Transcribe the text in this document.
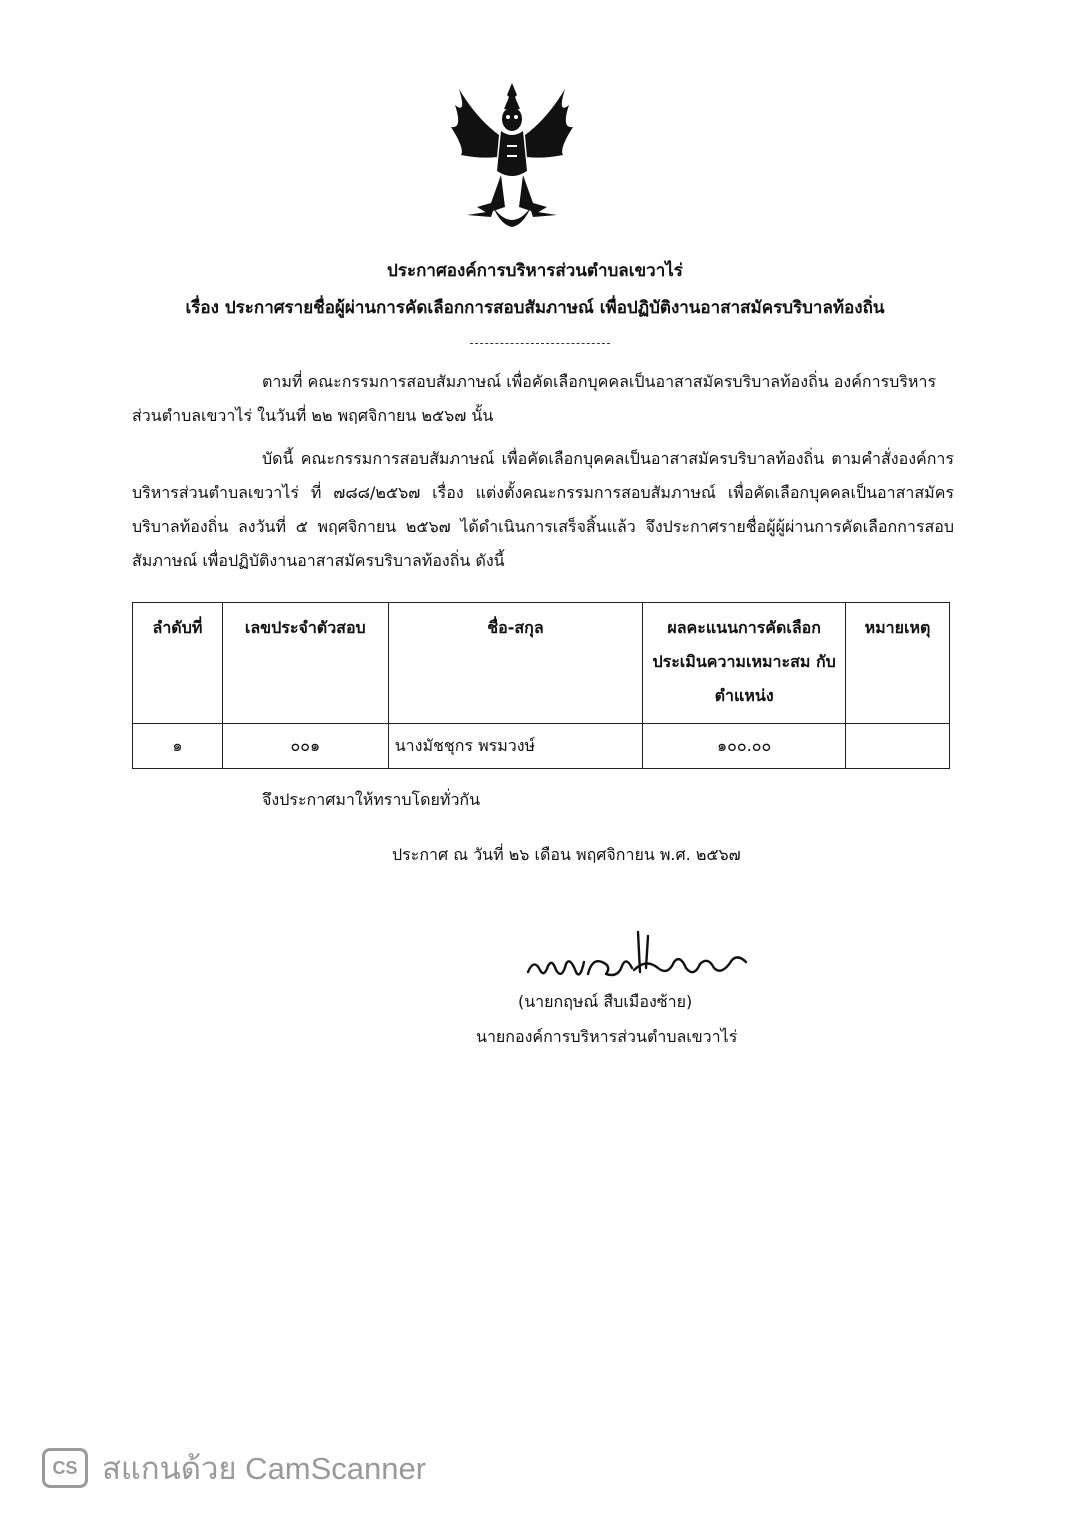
ประกาศองค์การบริหารส่วนตำบลเขวาไร่
เรื่อง ประกาศรายชื่อผู้ผ่านการคัดเลือกการสอบสัมภาษณ์ เพื่อปฏิบัติงานอาสาสมัครบริบาลท้องถิ่น
ตามที่ คณะกรรมการสอบสัมภาษณ์ เพื่อคัดเลือกบุคคลเป็นอาสาสมัครบริบาลท้องถิ่น องค์การบริหารส่วนตำบลเขวาไร่ ในวันที่ ๒๒ พฤศจิกายน ๒๕๖๗ นั้น
บัดนี้ คณะกรรมการสอบสัมภาษณ์ เพื่อคัดเลือกบุคคลเป็นอาสาสมัครบริบาลท้องถิ่น ตามคำสั่งองค์การบริหารส่วนตำบลเขวาไร่ ที่ ๗๘๘/๒๕๖๗ เรื่อง แต่งตั้งคณะกรรมการสอบสัมภาษณ์ เพื่อคัดเลือกบุคคลเป็นอาสาสมัครบริบาลท้องถิ่น ลงวันที่ ๕ พฤศจิกายน ๒๕๖๗ ได้ดำเนินการเสร็จสิ้นแล้ว จึงประกาศรายชื่อผู้ผู้ผ่านการคัดเลือกการสอบสัมภาษณ์ เพื่อปฏิบัติงานอาสาสมัครบริบาลท้องถิ่น ดังนี้
ลำดับที่	เลขประจำตัวสอบ	ชื่อ-สกุล	ผลคะแนนการคัดเลือก ประเมินความเหมาะสม กับตำแหน่ง	หมายเหตุ
๑	๐๐๑	นางมัชชุกร พรมวงษ์	๑๐๐.๐๐	
จึงประกาศมาให้ทราบโดยทั่วกัน
ประกาศ ณ วันที่ ๒๖ เดือน พฤศจิกายน พ.ศ. ๒๕๖๗
(นายกฤษณ์ สืบเมืองซ้าย)
นายกองค์การบริหารส่วนตำบลเขวาไร่
CS สแกนด้วย CamScanner
